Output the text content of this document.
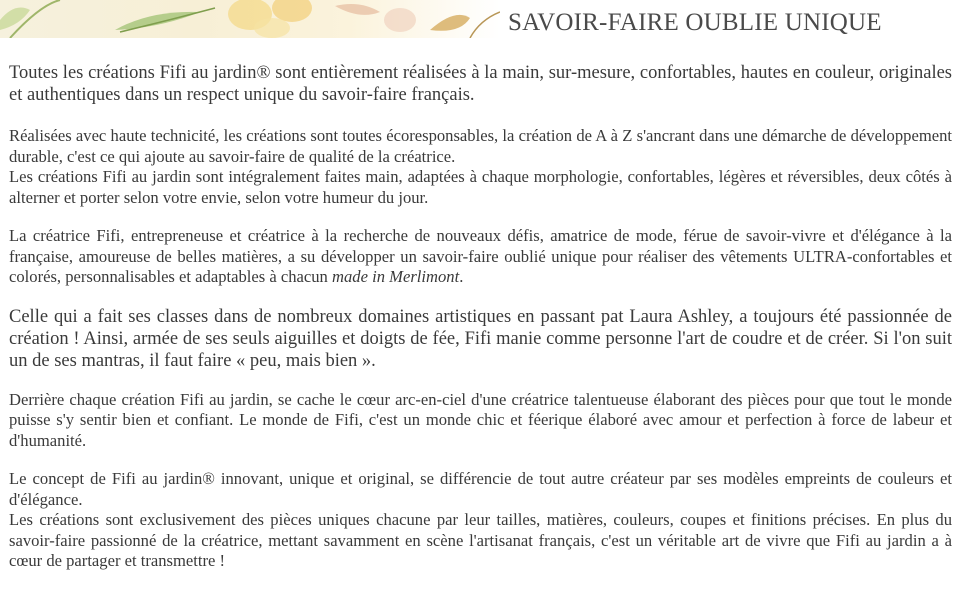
SAVOIR-FAIRE OUBLIE UNIQUE

Toutes les créations Fifi au jardin® sont entièrement réalisées à la main, sur-mesure, confortables, hautes en couleur, originales et authentiques dans un respect unique du savoir-faire français.

Réalisées avec haute technicité, les créations sont toutes écoresponsables, la création de A à Z s'ancrant dans une démarche de développement durable, c'est ce qui ajoute au savoir-faire de qualité de la créatrice.

Les créations Fifi au jardin sont intégralement faites main, adaptées à chaque morphologie, confortables, légères et réversibles, deux côtés à alterner et porter selon votre envie, selon votre humeur du jour.

La créatrice Fifi, entrepreneuse et créatrice à la recherche de nouveaux défis, amatrice de mode, férue de savoir-vivre et d'élégance à la française, amoureuse de belles matières, a su développer un savoir-faire oublié unique pour réaliser des vêtements ULTRA-confortables et colorés, personnalisables et adaptables à chacun made in Merlimont.

Celle qui a fait ses classes dans de nombreux domaines artistiques en passant pat Laura Ashley, a toujours été passionnée de création ! Ainsi, armée de ses seuls aiguilles et doigts de fée, Fifi manie comme personne l'art de coudre et de créer. Si l'on suit un de ses mantras, il faut faire « peu, mais bien ».

Derrière chaque création Fifi au jardin, se cache le cœur arc-en-ciel d'une créatrice talentueuse élaborant des pièces pour que tout le monde puisse s'y sentir bien et confiant. Le monde de Fifi, c'est un monde chic et féerique élaboré avec amour et perfection à force de labeur et d'humanité.

Le concept de Fifi au jardin® innovant, unique et original, se différencie de tout autre créateur par ses modèles empreints de couleurs et d'élégance.

Les créations sont exclusivement des pièces uniques chacune par leur tailles, matières, couleurs, coupes et finitions précises. En plus du savoir-faire passionné de la créatrice, mettant savamment en scène l'artisanat français, c'est un véritable art de vivre que Fifi au jardin a à cœur de partager et transmettre !
